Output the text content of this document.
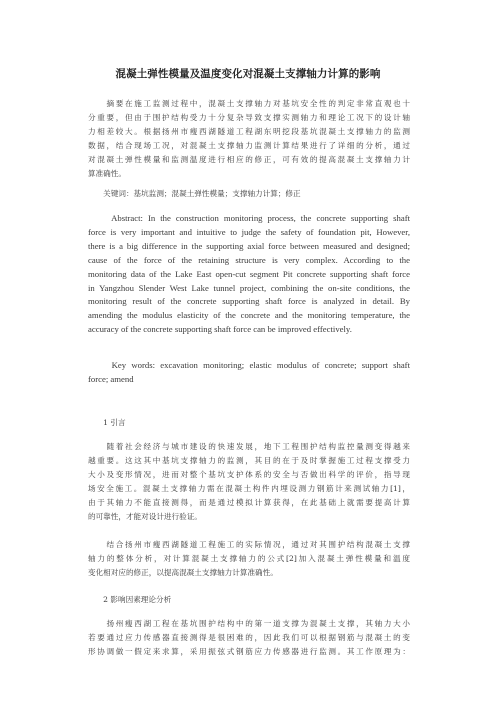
混凝土弹性模量及温度变化对混凝土支撑轴力计算的影响
　　摘要在施工监测过程中，混凝土支撑轴力对基坑安全性的判定非常直观也十
分重要，但由于围护结构受力十分复杂导致支撑实测轴力和理论工况下的设计轴
力相差较大。根据扬州市瘦西湖隧道工程湖东明挖段基坑混凝土支撑轴力的监测
数据，结合现场工况，对混凝土支撑轴力监测计算结果进行了详细的分析，通过
对混凝土弹性模量和监测温度进行相应的修正，可有效的提高混凝土支撑轴力计
算准确性。
　　关键词：基坑监测；混凝土弹性模量；支撑轴力计算；修正
　　Abstract: In the construction monitoring process, the concrete supporting shaft
force is very important and intuitive to judge the safety of foundation pit, However,
there is a big difference in the supporting axial force between measured and designed;
cause of the force of the retaining structure is very complex. According to the
monitoring data of the Lake East open-cut segment Pit concrete supporting shaft force
in Yangzhou Slender West Lake tunnel project, combining the on-site conditions, the
monitoring result of the concrete supporting shaft force is analyzed in detail. By
amending the modulus elasticity of the concrete and the monitoring temperature, the
accuracy of the concrete supporting shaft force can be improved effectively.
　　Key words: excavation monitoring; elastic modulus of concrete; support shaft
force; amend
　　1 引言
　　随着社会经济与城市建设的快速发展，地下工程围护结构监控量测变得越来
越重要。这这其中基坑支撑轴力的监测，其目的在于及时掌握施工过程支撑受力
大小及变形情况，进而对整个基坑支护体系的安全与否做出科学的评价，指导现
场安全施工。混凝土支撑轴力需在混凝土构件内埋设测力钢筋计来测试轴力[1]，
由于其轴力不能直接测得，而是通过模拟计算获得，在此基础上就需要提高计算
的可靠性，才能对设计进行验证。
　　结合扬州市瘦西湖隧道工程施工的实际情况，通过对其围护结构混凝土支撑
轴力的整体分析，对计算混凝土支撑轴力的公式[2]加入混凝土弹性模量和温度
变化相对应的修正，以提高混凝土支撑轴力计算准确性。
　　2 影响因素理论分析
　　扬州瘦西湖工程在基坑围护结构中的第一道支撑为混凝土支撑，其轴力大小
若要通过应力传感器直接测得是很困难的，因此我们可以根据钢筋与混凝土的变
形协调做一假定来求算，采用振弦式钢筋应力传感器进行监测。其工作原理为：
